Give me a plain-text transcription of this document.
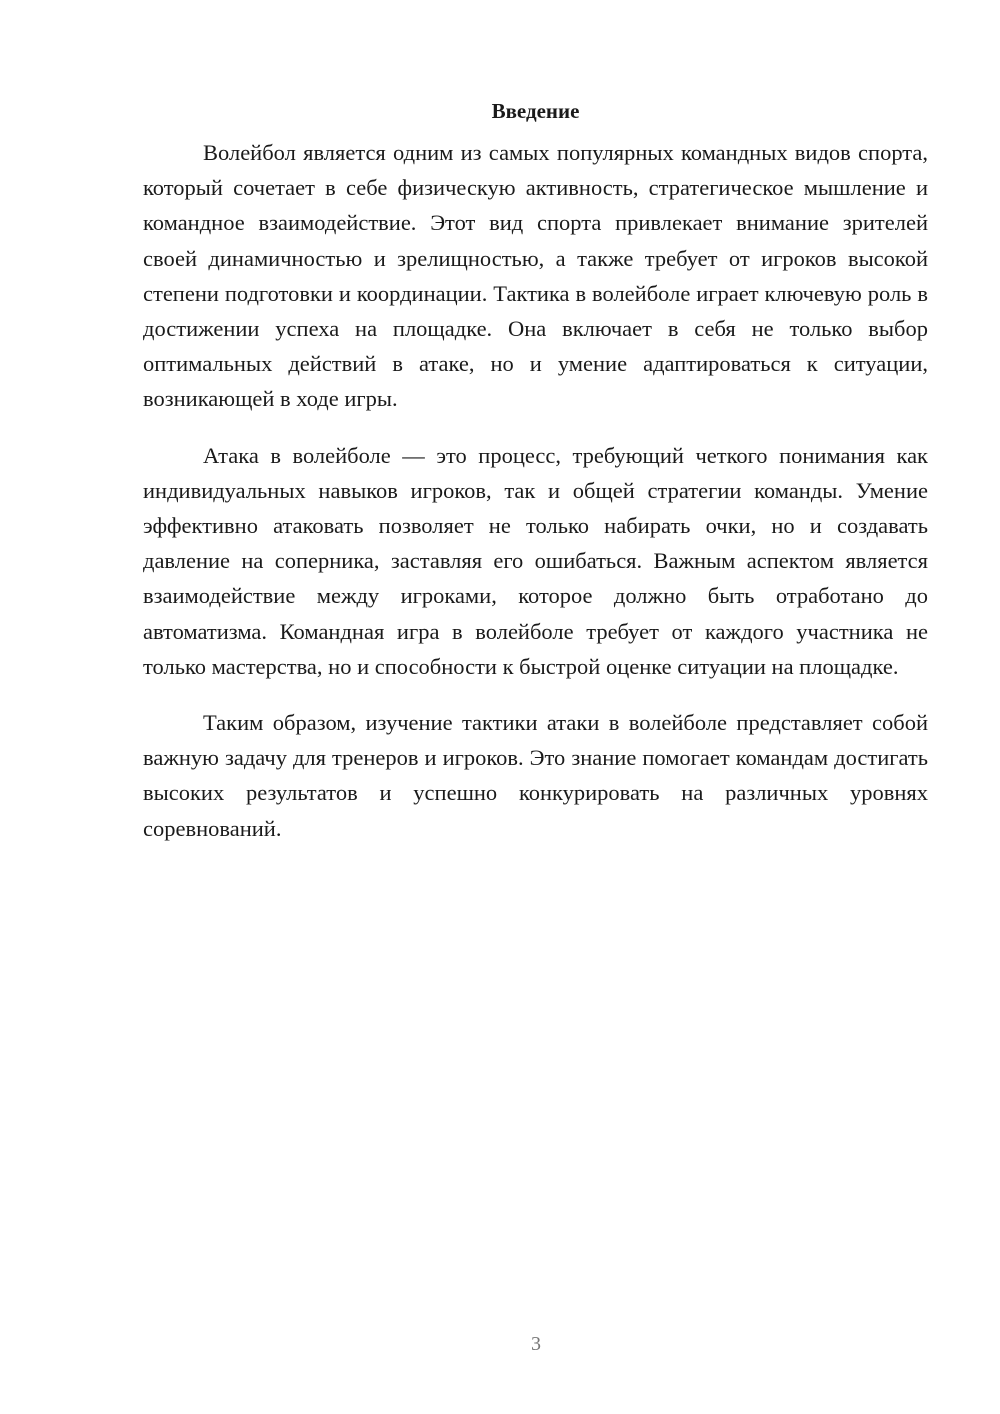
Введение

Волейбол является одним из самых популярных командных видов спорта, который сочетает в себе физическую активность, стратегическое мышление и командное взаимодействие. Этот вид спорта привлекает внимание зрителей своей динамичностью и зрелищностью, а также требует от игроков высокой степени подготовки и координации. Тактика в волейболе играет ключевую роль в достижении успеха на площадке. Она включает в себя не только выбор оптимальных действий в атаке, но и умение адаптироваться к ситуации, возникающей в ходе игры.

Атака в волейболе — это процесс, требующий четкого понимания как индивидуальных навыков игроков, так и общей стратегии команды. Умение эффективно атаковать позволяет не только набирать очки, но и создавать давление на соперника, заставляя его ошибаться. Важным аспектом является взаимодействие между игроками, которое должно быть отработано до автоматизма. Командная игра в волейболе требует от каждого участника не только мастерства, но и способности к быстрой оценке ситуации на площадке.

Таким образом, изучение тактики атаки в волейболе представляет собой важную задачу для тренеров и игроков. Это знание помогает командам достигать высоких результатов и успешно конкурировать на различных уровнях соревнований.

3
